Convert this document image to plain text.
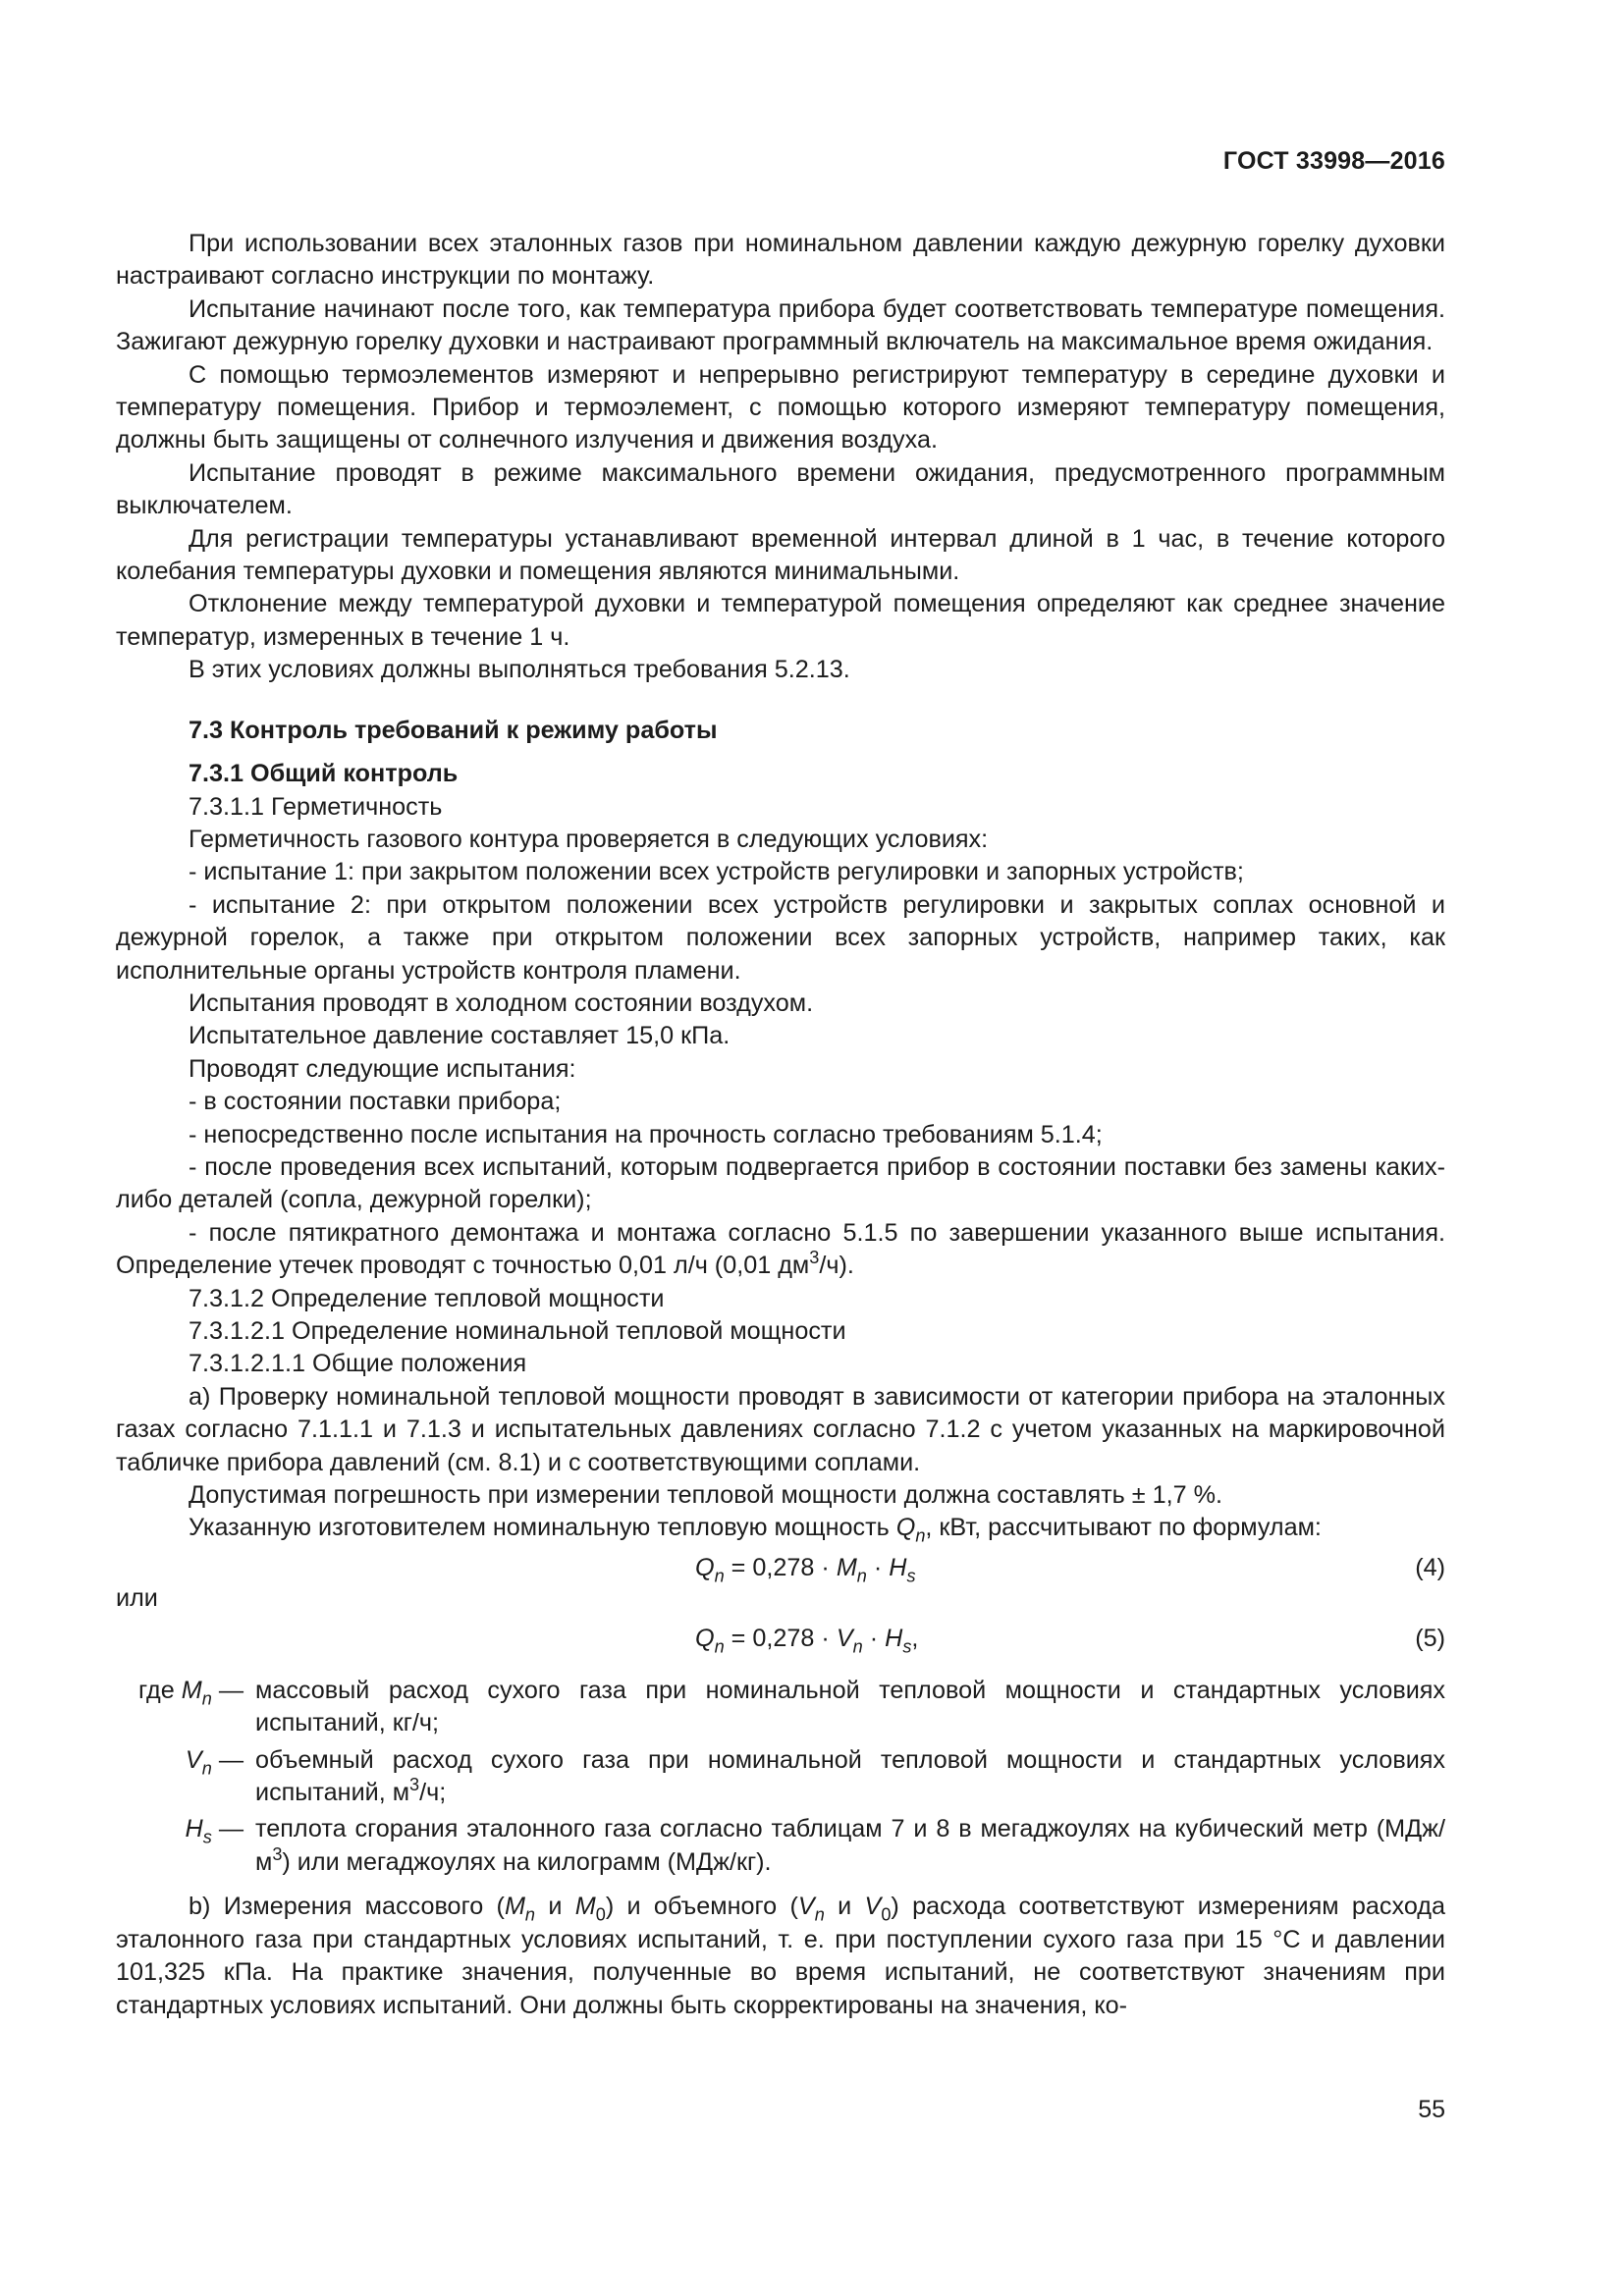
ГОСТ 33998—2016

При использовании всех эталонных газов при номинальном давлении каждую дежурную горелку духовки настраивают согласно инструкции по монтажу.

Испытание начинают после того, как температура прибора будет соответствовать температуре помещения. Зажигают дежурную горелку духовки и настраивают программный включатель на максимальное время ожидания.

С помощью термоэлементов измеряют и непрерывно регистрируют температуру в середине духовки и температуру помещения. Прибор и термоэлемент, с помощью которого измеряют температуру помещения, должны быть защищены от солнечного излучения и движения воздуха.

Испытание проводят в режиме максимального времени ожидания, предусмотренного программным выключателем.

Для регистрации температуры устанавливают временной интервал длиной в 1 час, в течение которого колебания температуры духовки и помещения являются минимальными.

Отклонение между температурой духовки и температурой помещения определяют как среднее значение температур, измеренных в течение 1 ч.

В этих условиях должны выполняться требования 5.2.13.

7.3 Контроль требований к режиму работы

7.3.1 Общий контроль

7.3.1.1 Герметичность

Герметичность газового контура проверяется в следующих условиях:

- испытание 1: при закрытом положении всех устройств регулировки и запорных устройств;

- испытание 2: при открытом положении всех устройств регулировки и закрытых соплах основной и дежурной горелок, а также при открытом положении всех запорных устройств, например таких, как исполнительные органы устройств контроля пламени.

Испытания проводят в холодном состоянии воздухом.

Испытательное давление составляет 15,0 кПа.

Проводят следующие испытания:

- в состоянии поставки прибора;

- непосредственно после испытания на прочность согласно требованиям 5.1.4;

- после проведения всех испытаний, которым подвергается прибор в состоянии поставки без замены каких-либо деталей (сопла, дежурной горелки);

- после пятикратного демонтажа и монтажа согласно 5.1.5 по завершении указанного выше испытания. Определение утечек проводят с точностью 0,01 л/ч (0,01 $дм^3/ч$).

7.3.1.2 Определение тепловой мощности

7.3.1.2.1 Определение номинальной тепловой мощности

7.3.1.2.1.1 Общие положения

a) Проверку номинальной тепловой мощности проводят в зависимости от категории прибора на эталонных газах согласно 7.1.1.1 и 7.1.3 и испытательных давлениях согласно 7.1.2 с учетом указанных на маркировочной табличке прибора давлений (см. 8.1) и с соответствующими соплами.

Допустимая погрешность при измерении тепловой мощности должна составлять ± 1,7 %.

Указанную изготовителем номинальную тепловую мощность $Q_n$, кВт, рассчитывают по формулам:

$Q_n = 0,278 \cdot M_n \cdot H_s$	(4)
или
$Q_n = 0,278 \cdot V_n \cdot H_s$,	(5)
где $M_n$ — массовый расход сухого газа при номинальной тепловой мощности и стандартных условиях испытаний, кг/ч;
$V_n$ — объемный расход сухого газа при номинальной тепловой мощности и стандартных условиях испытаний, $м^3/ч$;
$H_s$ — теплота сгорания эталонного газа согласно таблицам 7 и 8 в мегаджоулях на кубический метр $(МДж/м^3)$ или мегаджоулях на килограмм (МДж/кг).

b) Измерения массового ($M_n$ и $M_0$) и объемного ($V_n$ и $V_0$) расхода соответствуют измерениям расхода эталонного газа при стандартных условиях испытаний, т. е. при поступлении сухого газа при 15 °С и давлении 101,325 кПа. На практике значения, полученные во время испытаний, не соответствуют значениям при стандартных условиях испытаний. Они должны быть скорректированы на значения, ко-

55
